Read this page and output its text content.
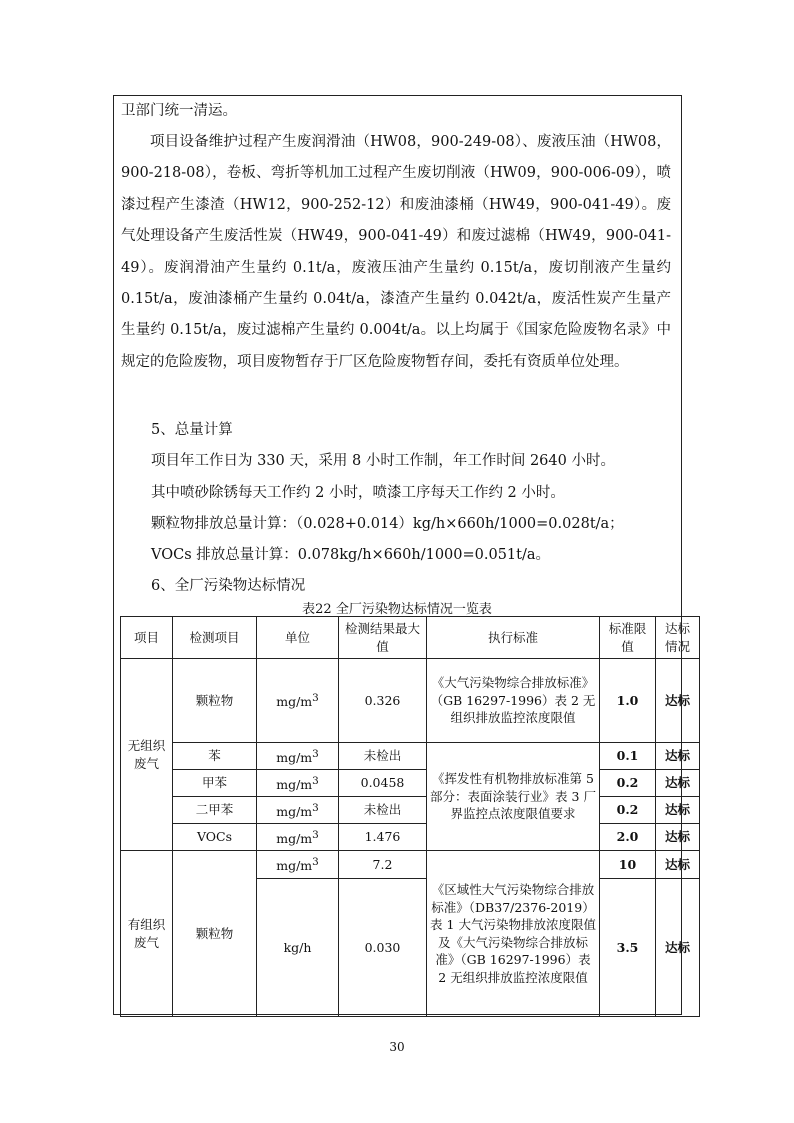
卫部门统一清运。
项目设备维护过程产生废润滑油（HW08，900-249-08）、废液压油（HW08，900-218-08），卷板、弯折等机加工过程产生废切削液（HW09，900-006-09），喷漆过程产生漆渣（HW12，900-252-12）和废油漆桶（HW49，900-041-49）。废气处理设备产生废活性炭（HW49，900-041-49）和废过滤棉（HW49，900-041-49）。废润滑油产生量约 0.1t/a，废液压油产生量约 0.15t/a，废切削液产生量约 0.15t/a，废油漆桶产生量约 0.04t/a，漆渣产生量约 0.042t/a，废活性炭产生量产生量约 0.15t/a，废过滤棉产生量约 0.004t/a。以上均属于《国家危险废物名录》中规定的危险废物，项目废物暂存于厂区危险废物暂存间，委托有资质单位处理。
5、总量计算
项目年工作日为 330 天，采用 8 小时工作制，年工作时间 2640 小时。
其中喷砂除锈每天工作约 2 小时，喷漆工序每天工作约 2 小时。
颗粒物排放总量计算：（0.028+0.014）kg/h×660h/1000=0.028t/a；
VOCs 排放总量计算：0.078kg/h×660h/1000=0.051t/a。
6、全厂污染物达标情况
表22 全厂污染物达标情况一览表
项目	检测项目	单位	检测结果最大值	执行标准	标准限值	达标情况
无组织废气	颗粒物	$mg/m^3$	0.326	《大气污染物综合排放标准》（GB 16297-1996）表 2 无组织排放监控浓度限值	1.0	达标
	苯	$mg/m^3$	未检出	《挥发性有机物排放标准第 5 部分：表面涂装行业》表 3 厂界监控点浓度限值要求	0.1	达标
	甲苯	$mg/m^3$	0.0458		0.2	达标
	二甲苯	$mg/m^3$	未检出		0.2	达标
	VOCs	$mg/m^3$	1.476		2.0	达标
有组织废气	颗粒物	$mg/m^3$	7.2	《区域性大气污染物综合排放标准》（DB37/2376-2019）表 1 大气污染物排放浓度限值及《大气污染物综合排放标准》（GB 16297-1996）表 2 无组织排放监控浓度限值	10	达标
		kg/h	0.030		3.5	达标
30
